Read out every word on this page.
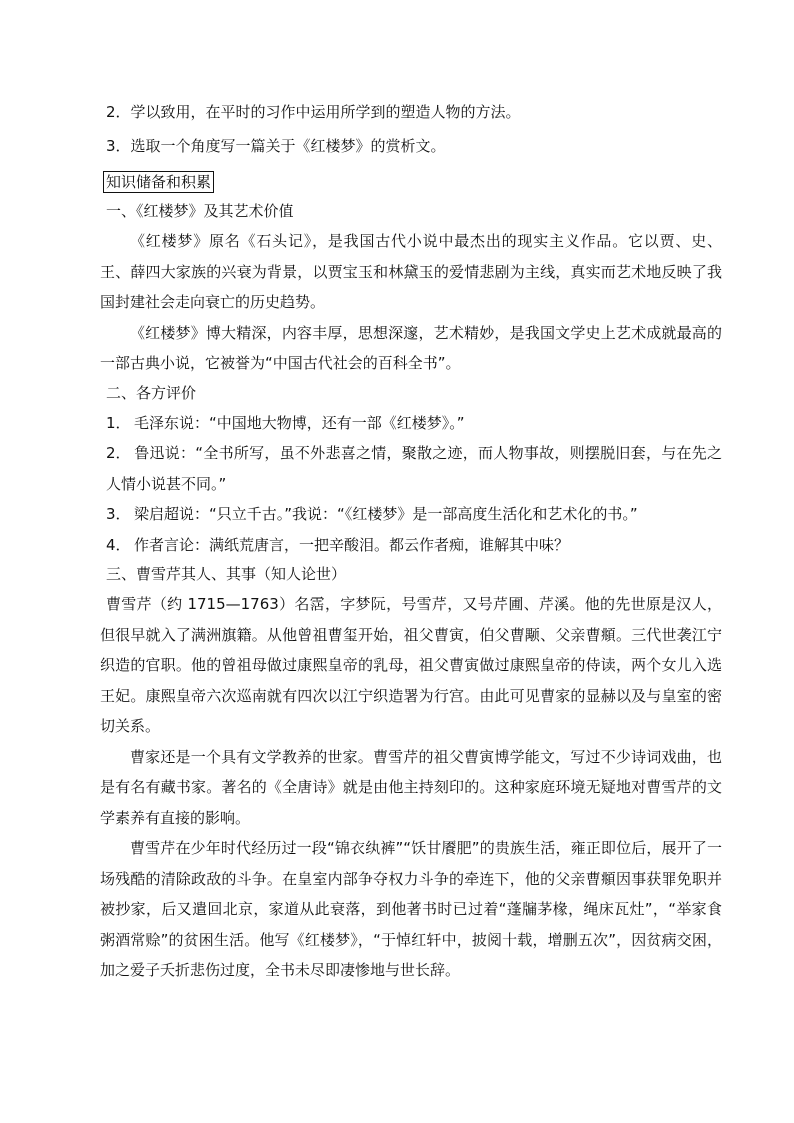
2．学以致用，在平时的习作中运用所学到的塑造人物的方法。

3．选取一个角度写一篇关于《红楼梦》的赏析文。

知识储备和积累

一、《红楼梦》及其艺术价值

《红楼梦》原名《石头记》，是我国古代小说中最杰出的现实主义作品。它以贾、史、王、薛四大家族的兴衰为背景，以贾宝玉和林黛玉的爱情悲剧为主线，真实而艺术地反映了我国封建社会走向衰亡的历史趋势。

《红楼梦》博大精深，内容丰厚，思想深邃，艺术精妙，是我国文学史上艺术成就最高的一部古典小说，它被誉为“中国古代社会的百科全书”。

二、各方评价

1． 毛泽东说：“中国地大物博，还有一部《红楼梦》。”

2． 鲁迅说：“全书所写，虽不外悲喜之情，聚散之迹，而人物事故，则摆脱旧套，与在先之人情小说甚不同。”

3． 梁启超说：“只立千古。”我说：“《红楼梦》是一部高度生活化和艺术化的书。”

4． 作者言论：满纸荒唐言，一把辛酸泪。都云作者痴，谁解其中味？

三、曹雪芹其人、其事（知人论世）

曹雪芹（约 1715—1763）名霑，字梦阮，号雪芹，又号芹圃、芹溪。他的先世原是汉人，但很早就入了满洲旗籍。从他曾祖曹玺开始，祖父曹寅，伯父曹颙、父亲曹頫。三代世袭江宁织造的官职。他的曾祖母做过康熙皇帝的乳母，祖父曹寅做过康熙皇帝的侍读，两个女儿入选王妃。康熙皇帝六次巡南就有四次以江宁织造署为行宫。由此可见曹家的显赫以及与皇室的密切关系。

曹家还是一个具有文学教养的世家。曹雪芹的祖父曹寅博学能文，写过不少诗词戏曲，也是有名有藏书家。著名的《全唐诗》就是由他主持刻印的。这种家庭环境无疑地对曹雪芹的文学素养有直接的影响。

曹雪芹在少年时代经历过一段“锦衣纨裤”“饫甘餍肥”的贵族生活，雍正即位后，展开了一场残酷的清除政敌的斗争。在皇室内部争夺权力斗争的牵连下，他的父亲曹頫因事获罪免职并被抄家，后又遣回北京，家道从此衰落，到他著书时已过着“蓬牖茅椽，绳床瓦灶”，“举家食粥酒常赊”的贫困生活。他写《红楼梦》，“于悼红轩中，披阅十载，增删五次”，因贫病交困，加之爱子夭折悲伤过度，全书未尽即凄惨地与世长辞。
